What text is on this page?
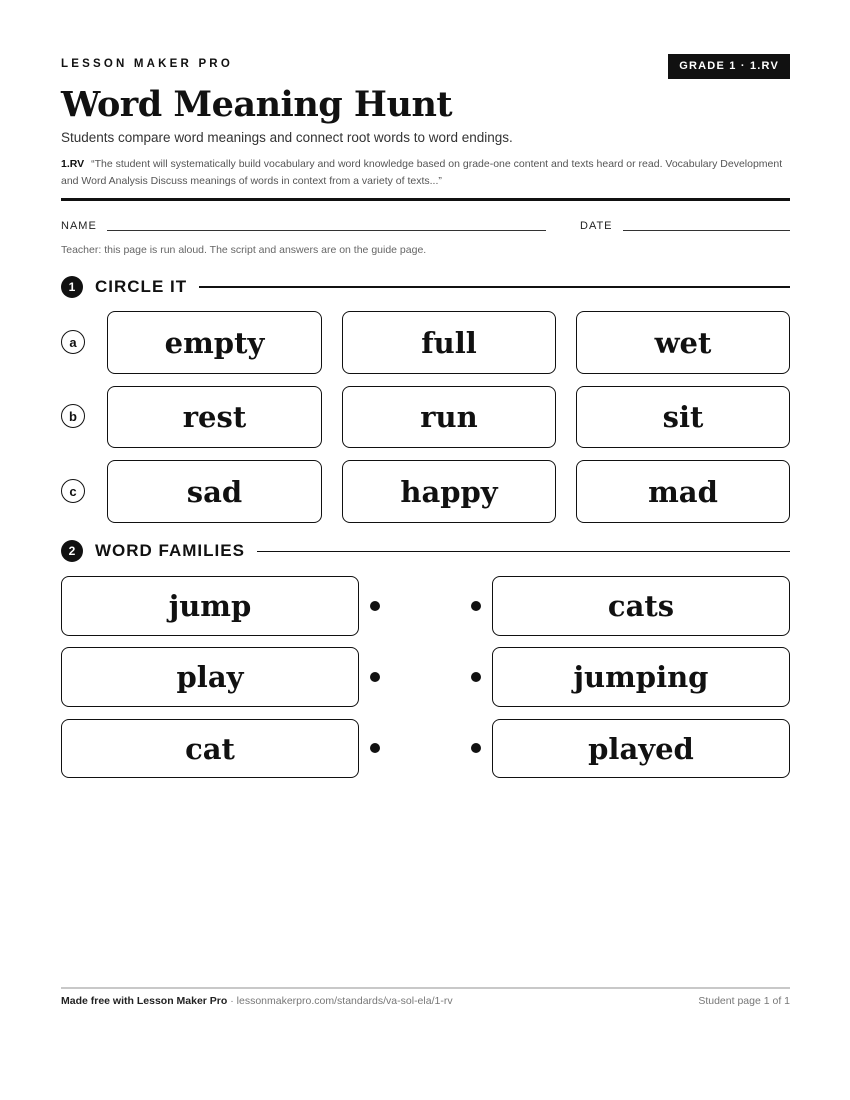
LESSON MAKER PRO	GRADE 1 · 1.RV
Word Meaning Hunt
Students compare word meanings and connect root words to word endings.
1.RV “The student will systematically build vocabulary and word knowledge based on grade-one content and texts heard or read. Vocabulary Development and Word Analysis Discuss meanings of words in context from a variety of texts...”
NAME	DATE
Teacher: this page is run aloud. The script and answers are on the guide page.
1	CIRCLE IT
a	empty	full	wet
b	rest	run	sit
c	sad	happy	mad
2	WORD FAMILIES
jump	cats
play	jumping
cat	played
Made free with Lesson Maker Pro · lessonmakerpro.com/standards/va-sol-ela/1-rv	Student page 1 of 1
